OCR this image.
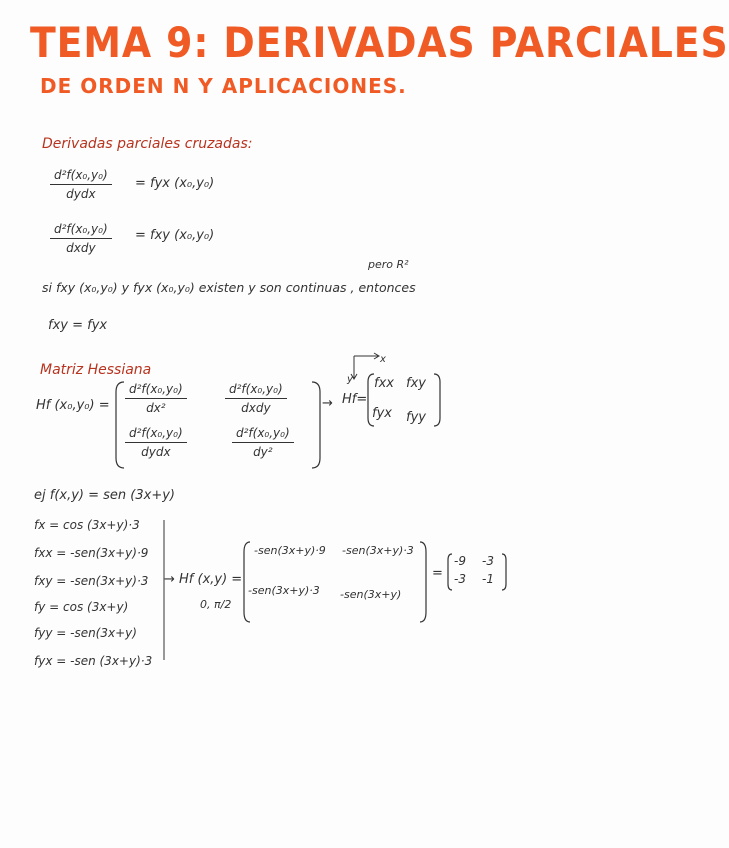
TEMA 9: DERIVADAS PARCIALES
DE ORDEN N Y APLICACIONES.
Derivadas parciales cruzadas:
d²f(x₀,y₀)
dydx
= fyx (x₀,y₀)
d²f(x₀,y₀)
dxdy
= fxy (x₀,y₀)
pero R²
si fxy (x₀,y₀) y fyx (x₀,y₀) existen y son continuas , entonces
fxy = fyx
Matriz Hessiana
Hf $(x_0,y_0) = \frac{\text{d²f(x₀,y₀)}}{\text{dx²}}$	d²f(x₀,y₀)
dxdy
d²f(x₀,y₀)
dydx	$\frac{\text{d²f(x₀,y₀)}}{\text{dy²}}$
→
x
y
Hf=
fxx fxy
fyx fyy
ej f(x,y) = sen (3x+y)
fx = cos (3x+y)·3
fxx = -sen(3x+y)·9
fxy = -sen(3x+y)·3
fy = cos (3x+y)
fyy = -sen(3x+y)
fyx = -sen (3x+y)·3
→ Hf (x,y) =
0, π/2
-sen(3x+y)·9 -sen(3x+y)·3
-sen(3x+y)·3 -sen(3x+y)
=
-9 -3
-3 -1
